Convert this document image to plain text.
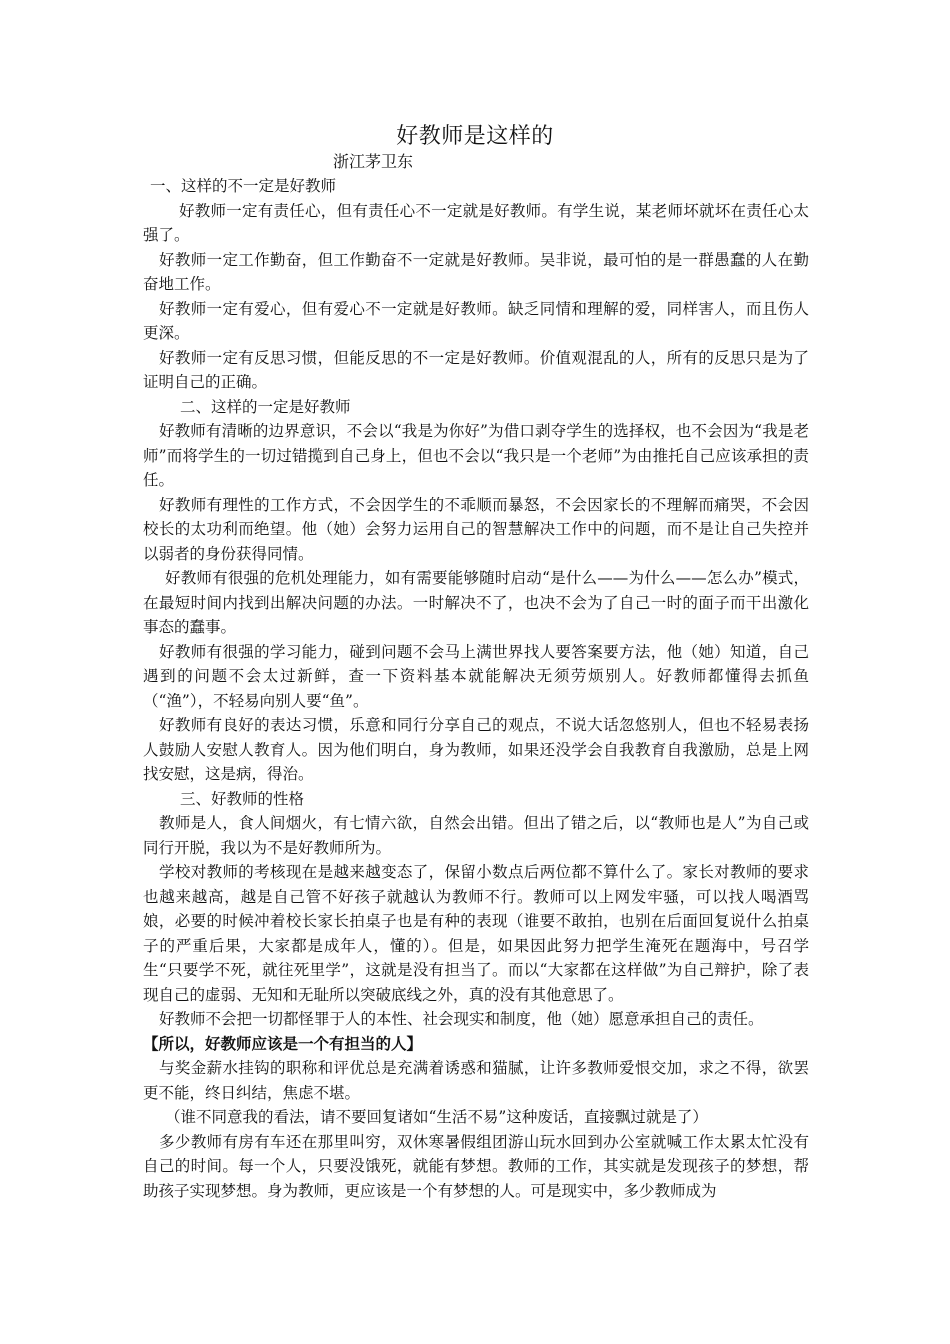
好教师是这样的
浙江茅卫东

一、这样的不一定是好教师

好教师一定有责任心，但有责任心不一定就是好教师。有学生说，某老师坏就坏在责任心太强了。

好教师一定工作勤奋，但工作勤奋不一定就是好教师。吴非说，最可怕的是一群愚蠢的人在勤奋地工作。

好教师一定有爱心，但有爱心不一定就是好教师。缺乏同情和理解的爱，同样害人，而且伤人更深。

好教师一定有反思习惯，但能反思的不一定是好教师。价值观混乱的人，所有的反思只是为了证明自己的正确。

二、这样的一定是好教师

好教师有清晰的边界意识，不会以“我是为你好”为借口剥夺学生的选择权，也不会因为“我是老师”而将学生的一切过错揽到自己身上，但也不会以“我只是一个老师”为由推托自己应该承担的责任。

好教师有理性的工作方式，不会因学生的不乖顺而暴怒，不会因家长的不理解而痛哭，不会因校长的太功利而绝望。他（她）会努力运用自己的智慧解决工作中的问题，而不是让自己失控并以弱者的身份获得同情。

好教师有很强的危机处理能力，如有需要能够随时启动“是什么——为什么——怎么办”模式，在最短时间内找到出解决问题的办法。一时解决不了，也决不会为了自己一时的面子而干出激化事态的蠢事。

好教师有很强的学习能力，碰到问题不会马上满世界找人要答案要方法，他（她）知道，自己遇到的问题不会太过新鲜，查一下资料基本就能解决无须劳烦别人。好教师都懂得去抓鱼（“渔”），不轻易向别人要“鱼”。

好教师有良好的表达习惯，乐意和同行分享自己的观点，不说大话忽悠别人，但也不轻易表扬人鼓励人安慰人教育人。因为他们明白，身为教师，如果还没学会自我教育自我激励，总是上网找安慰，这是病，得治。

三、好教师的性格

教师是人，食人间烟火，有七情六欲，自然会出错。但出了错之后，以“教师也是人”为自己或同行开脱，我以为不是好教师所为。

学校对教师的考核现在是越来越变态了，保留小数点后两位都不算什么了。家长对教师的要求也越来越高，越是自己管不好孩子就越认为教师不行。教师可以上网发牢骚，可以找人喝酒骂娘，必要的时候冲着校长家长拍桌子也是有种的表现（谁要不敢拍，也别在后面回复说什么拍桌子的严重后果，大家都是成年人，懂的）。但是，如果因此努力把学生淹死在题海中，号召学生“只要学不死，就往死里学”，这就是没有担当了。而以“大家都在这样做”为自己辩护，除了表现自己的虚弱、无知和无耻所以突破底线之外，真的没有其他意思了。

好教师不会把一切都怪罪于人的本性、社会现实和制度，他（她）愿意承担自己的责任。

【所以，好教师应该是一个有担当的人】

与奖金薪水挂钩的职称和评优总是充满着诱惑和猫腻，让许多教师爱恨交加，求之不得，欲罢更不能，终日纠结，焦虑不堪。

（谁不同意我的看法，请不要回复诸如“生活不易”这种废话，直接飘过就是了）

多少教师有房有车还在那里叫穷，双休寒暑假组团游山玩水回到办公室就喊工作太累太忙没有自己的时间。每一个人，只要没饿死，就能有梦想。教师的工作，其实就是发现孩子的梦想，帮助孩子实现梦想。身为教师，更应该是一个有梦想的人。可是现实中，多少教师成为
